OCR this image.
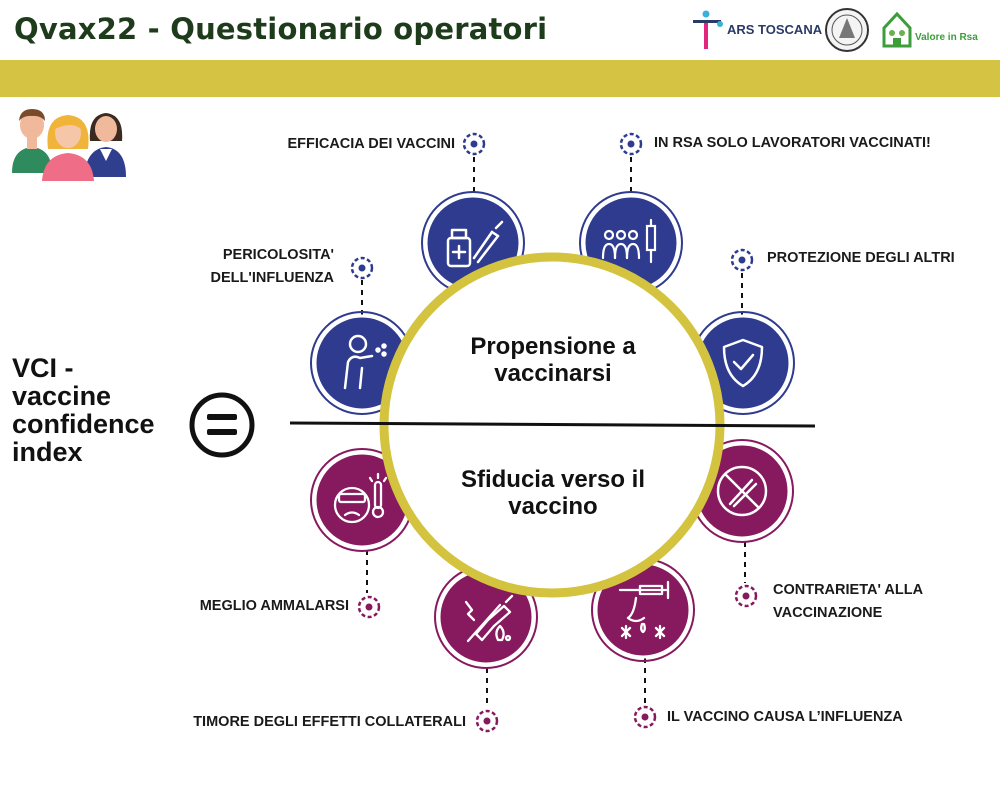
Qvax22 - Questionario operatori	ARS TOSCANA
Valore in Rsa
VCI -
vaccine
confidence
index
Propensione a
vaccinarsi
Sfiducia verso il
vaccino
EFFICACIA DEI VACCINI	IN RSA SOLO LAVORATORI VACCINATI!
PERICOLOSITA'
DELL'INFLUENZA
PROTEZIONE DEGLI ALTRI
MEGLIO AMMALARSI
TIMORE DEGLI EFFETTI COLLATERALI
CONTRARIETA' ALLA
VACCINAZIONE
IL VACCINO CAUSA L’INFLUENZA
